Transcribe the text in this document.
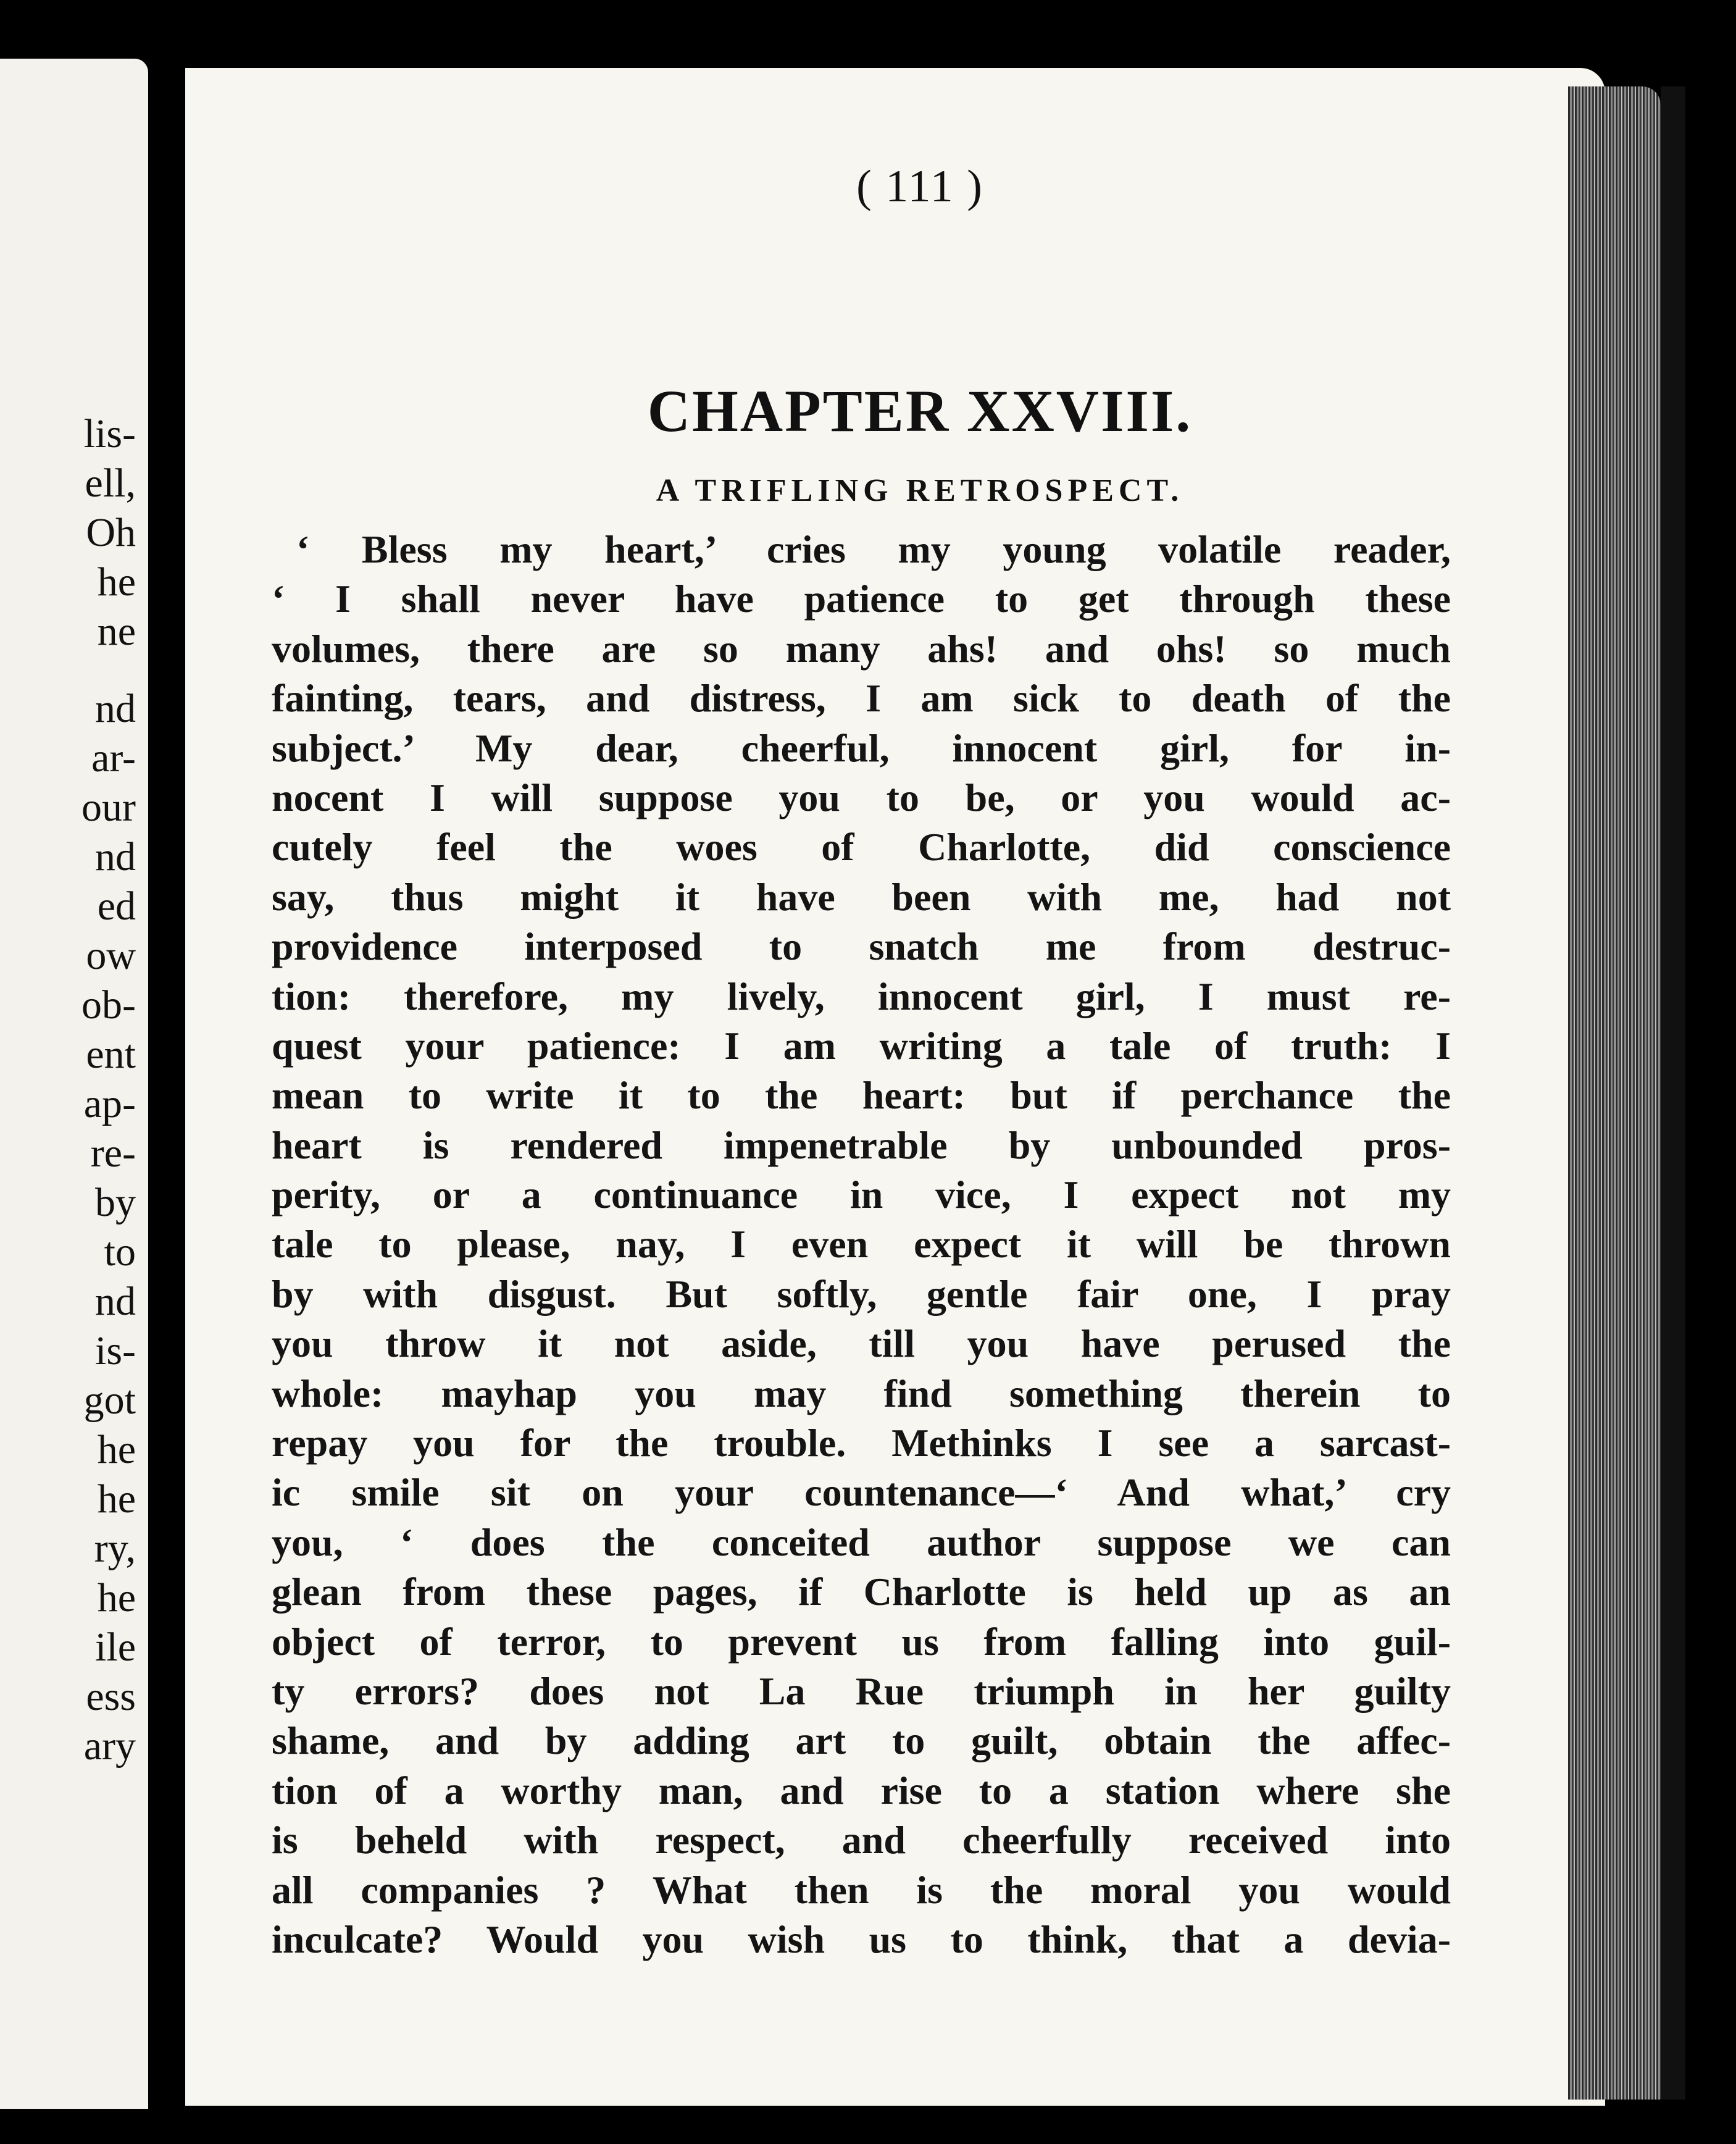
lis-
ell,
Oh
he
ne
nd
ar-
our
nd
ed
ow
ob-
ent
ap-
re-
by
to
nd
is-
got
he
he
ry,
he
ile
ess
ary
( 111 )
CHAPTER XXVIII.
A TRIFLING RETROSPECT.
‘ Bless my heart,’ cries my young volatile reader,
‘ I shall never have patience to get through these
volumes, there are so many ahs! and ohs! so much
fainting, tears, and distress, I am sick to death of the
subject.’ My dear, cheerful, innocent girl, for in-
nocent I will suppose you to be, or you would ac-
cutely feel the woes of Charlotte, did conscience
say, thus might it have been with me, had not
providence interposed to snatch me from destruc-
tion: therefore, my lively, innocent girl, I must re-
quest your patience: I am writing a tale of truth: I
mean to write it to the heart: but if perchance the
heart is rendered impenetrable by unbounded pros-
perity, or a continuance in vice, I expect not my
tale to please, nay, I even expect it will be thrown
by with disgust. But softly, gentle fair one, I pray
you throw it not aside, till you have perused the
whole: mayhap you may find something therein to
repay you for the trouble. Methinks I see a sarcast-
ic smile sit on your countenance—‘ And what,’ cry
you, ‘ does the conceited author suppose we can
glean from these pages, if Charlotte is held up as an
object of terror, to prevent us from falling into guil-
ty errors? does not La Rue triumph in her guilty
shame, and by adding art to guilt, obtain the affec-
tion of a worthy man, and rise to a station where she
is beheld with respect, and cheerfully received into
all companies ? What then is the moral you would
inculcate? Would you wish us to think, that a devia-
